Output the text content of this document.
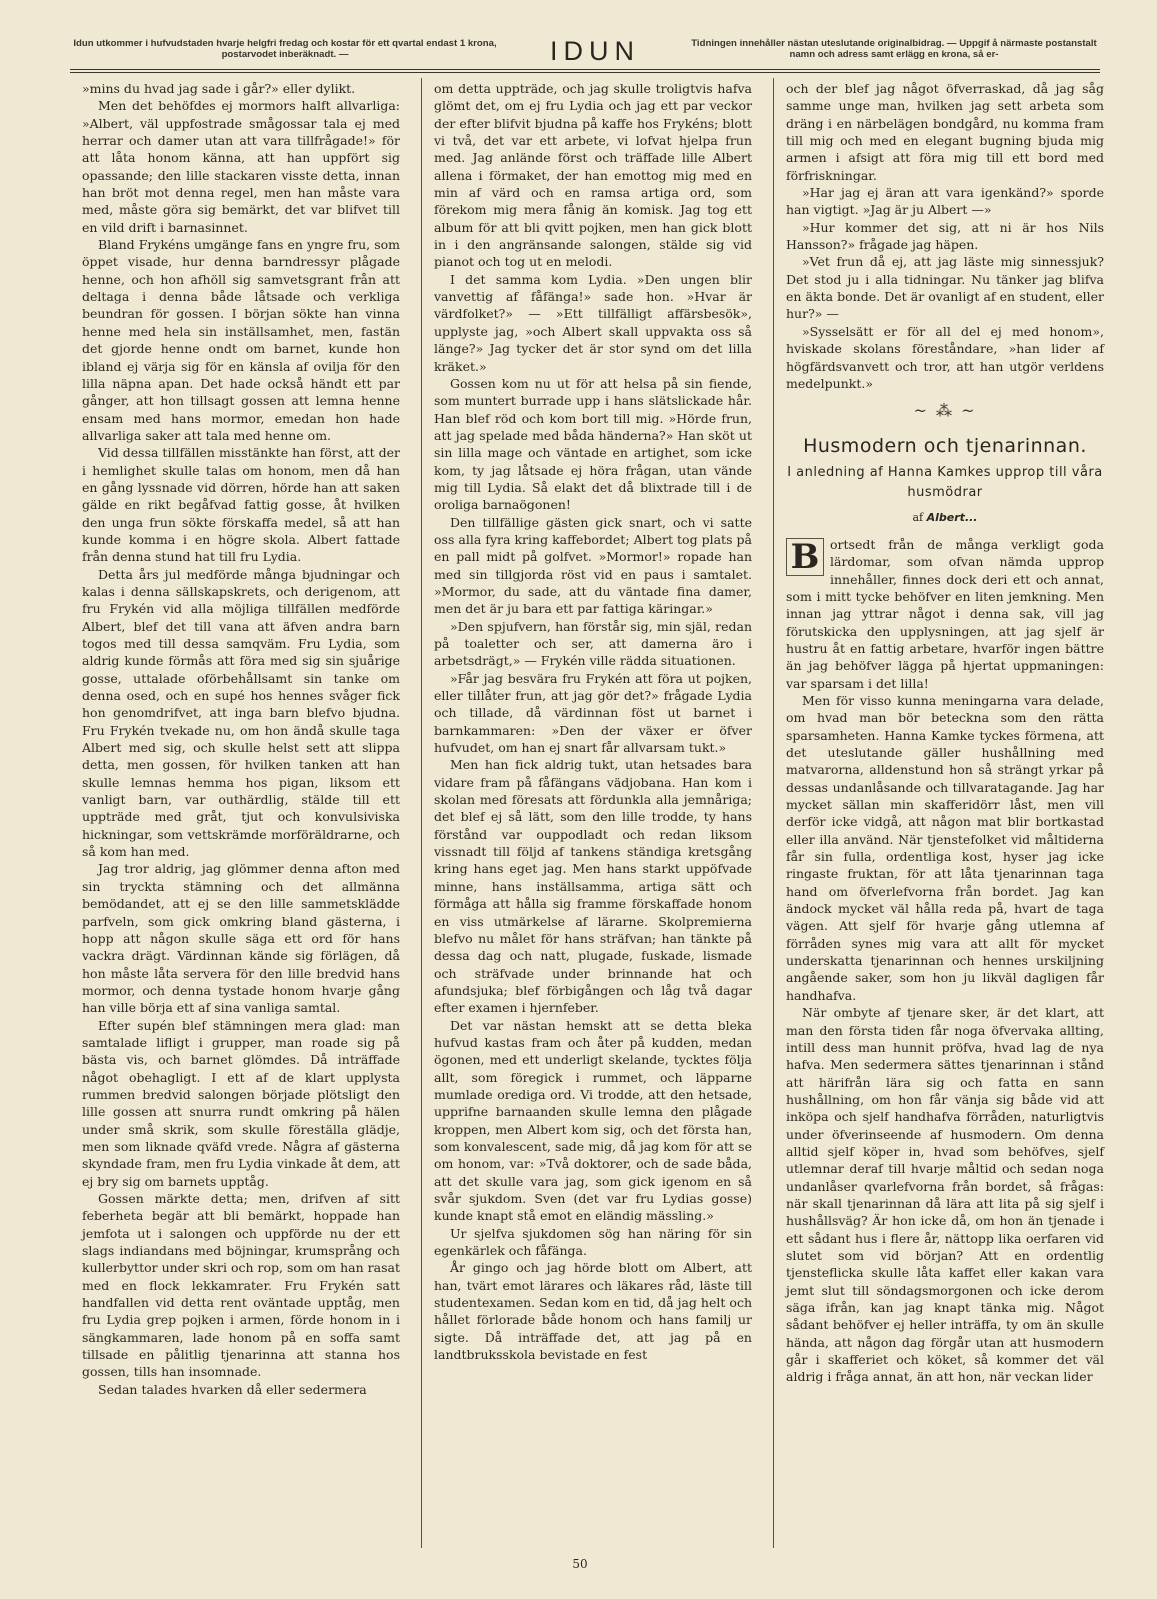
Idun utkommer i hufvudstaden hvarje helgfri fredag och kostar för ett qvartal endast 1 krona, postarvodet inberäknadt. —	IDUN	Tidningen innehåller nästan uteslutande originalbidrag. — Uppgif å närmaste postanstalt namn och adress samt erlägg en krona, så er-

»mins du hvad jag sade i går?» eller dylikt.

Men det behöfdes ej mormors halft allvarliga: »Albert, väl uppfostrade smågossar tala ej med herrar och damer utan att vara tillfrågade!» för att låta honom känna, att han uppfört sig opassande; den lille stackaren visste detta, innan han bröt mot denna regel, men han måste vara med, måste göra sig bemärkt, det var blifvet till en vild drift i barnasinnet.

Bland Frykéns umgänge fans en yngre fru, som öppet visade, hur denna barndressyr plågade henne, och hon afhöll sig samvetsgrant från att deltaga i denna både låtsade och verkliga beundran för gossen. I början sökte han vinna henne med hela sin inställsamhet, men, fastän det gjorde henne ondt om barnet, kunde hon ibland ej värja sig för en känsla af ovilja för den lilla näpna apan. Det hade också händt ett par gånger, att hon tillsagt gossen att lemna henne ensam med hans mormor, emedan hon hade allvarliga saker att tala med henne om.

Vid dessa tillfällen misstänkte han först, att der i hemlighet skulle talas om honom, men då han en gång lyssnade vid dörren, hörde han att saken gälde en rikt begåfvad fattig gosse, åt hvilken den unga frun sökte förskaffa medel, så att han kunde komma i en högre skola. Albert fattade från denna stund hat till fru Lydia.

Detta års jul medförde många bjudningar och kalas i denna sällskapskrets, och derigenom, att fru Frykén vid alla möjliga tillfällen medförde Albert, blef det till vana att äfven andra barn togos med till dessa samqväm. Fru Lydia, som aldrig kunde förmås att föra med sig sin sjuårige gosse, uttalade oförbehållsamt sin tanke om denna osed, och en supé hos hennes svåger fick hon genomdrifvet, att inga barn blefvo bjudna. Fru Frykén tvekade nu, om hon ändå skulle taga Albert med sig, och skulle helst sett att slippa detta, men gossen, för hvilken tanken att han skulle lemnas hemma hos pigan, liksom ett vanligt barn, var outhärdlig, stälde till ett uppträde med gråt, tjut och konvulsiviska hickningar, som vettskrämde morföräldrarne, och så kom han med.

Jag tror aldrig, jag glömmer denna afton med sin tryckta stämning och det allmänna bemödandet, att ej se den lille sammetsklädde parfveln, som gick omkring bland gästerna, i hopp att någon skulle säga ett ord för hans vackra drägt. Värdinnan kände sig förlägen, då hon måste låta servera för den lille bredvid hans mormor, och denna tystade honom hvarje gång han ville börja ett af sina vanliga samtal.

Efter supén blef stämningen mera glad: man samtalade lifligt i grupper, man roade sig på bästa vis, och barnet glömdes. Då inträffade något obehagligt. I ett af de klart upplysta rummen bredvid salongen började plötsligt den lille gossen att snurra rundt omkring på hälen under små skrik, som skulle föreställa glädje, men som liknade qväfd vrede. Några af gästerna skyndade fram, men fru Lydia vinkade åt dem, att ej bry sig om barnets upptåg.

Gossen märkte detta; men, drifven af sitt feberheta begär att bli bemärkt, hoppade han jemfota ut i salongen och uppförde nu der ett slags indiandans med böjningar, krumsprång och kullerbyttor under skri och rop, som om han rasat med en flock lekkamrater. Fru Frykén satt handfallen vid detta rent oväntade upptåg, men fru Lydia grep pojken i armen, förde honom in i sängkammaren, lade honom på en soffa samt tillsade en pålitlig tjenarinna att stanna hos gossen, tills han insomnade.

Sedan talades hvarken då eller sedermera

om detta uppträde, och jag skulle troligtvis hafva glömt det, om ej fru Lydia och jag ett par veckor der efter blifvit bjudna på kaffe hos Frykéns; blott vi två, det var ett arbete, vi lofvat hjelpa frun med. Jag anlände först och träffade lille Albert allena i förmaket, der han emottog mig med en min af värd och en ramsa artiga ord, som förekom mig mera fånig än komisk. Jag tog ett album för att bli qvitt pojken, men han gick blott in i den angränsande salongen, stälde sig vid pianot och tog ut en melodi.

I det samma kom Lydia. »Den ungen blir vanvettig af fåfänga!» sade hon. »Hvar är värdfolket?» — »Ett tillfälligt affärsbesök», upplyste jag, »och Albert skall uppvakta oss så länge?» Jag tycker det är stor synd om det lilla kräket.»

Gossen kom nu ut för att helsa på sin fiende, som muntert burrade upp i hans slätslickade hår. Han blef röd och kom bort till mig. »Hörde frun, att jag spelade med båda händerna?» Han sköt ut sin lilla mage och väntade en artighet, som icke kom, ty jag låtsade ej höra frågan, utan vände mig till Lydia. Så elakt det då blixtrade till i de oroliga barnaögonen!

Den tillfällige gästen gick snart, och vi satte oss alla fyra kring kaffebordet; Albert tog plats på en pall midt på golfvet. »Mormor!» ropade han med sin tillgjorda röst vid en paus i samtalet. »Mormor, du sade, att du väntade fina damer, men det är ju bara ett par fattiga käringar.»

»Den spjufvern, han förstår sig, min själ, redan på toaletter och ser, att damerna äro i arbetsdrägt,» — Frykén ville rädda situationen.

»Får jag besvära fru Frykén att föra ut pojken, eller tillåter frun, att jag gör det?» frågade Lydia och tillade, då värdinnan föst ut barnet i barnkammaren: »Den der växer er öfver hufvudet, om han ej snart får allvarsam tukt.»

Men han fick aldrig tukt, utan hetsades bara vidare fram på fåfängans vädjobana. Han kom i skolan med föresats att fördunkla alla jemnåriga; det blef ej så lätt, som den lille trodde, ty hans förstånd var ouppodladt och redan liksom vissnadt till följd af tankens ständiga kretsgång kring hans eget jag. Men hans starkt uppöfvade minne, hans inställsamma, artiga sätt och förmåga att hålla sig framme förskaffade honom en viss utmärkelse af lärarne. Skolpremierna blefvo nu målet för hans sträfvan; han tänkte på dessa dag och natt, plugade, fuskade, lismade och sträfvade under brinnande hat och afundsjuka; blef förbigången och låg två dagar efter examen i hjernfeber.

Det var nästan hemskt att se detta bleka hufvud kastas fram och åter på kudden, medan ögonen, med ett underligt skelande, tycktes följa allt, som föregick i rummet, och läpparne mumlade orediga ord. Vi trodde, att den hetsade, upprifne barnaanden skulle lemna den plågade kroppen, men Albert kom sig, och det första han, som konvalescent, sade mig, då jag kom för att se om honom, var: »Två doktorer, och de sade båda, att det skulle vara jag, som gick igenom en så svår sjukdom. Sven (det var fru Lydias gosse) kunde knapt stå emot en eländig mässling.»

Ur sjelfva sjukdomen sög han näring för sin egenkärlek och fåfänga.

År gingo och jag hörde blott om Albert, att han, tvärt emot lärares och läkares råd, läste till studentexamen. Sedan kom en tid, då jag helt och hållet förlorade både honom och hans familj ur sigte. Då inträffade det, att jag på en landtbruksskola bevistade en fest

och der blef jag något öfverraskad, då jag såg samme unge man, hvilken jag sett arbeta som dräng i en närbelägen bondgård, nu komma fram till mig och med en elegant bugning bjuda mig armen i afsigt att föra mig till ett bord med förfriskningar.

»Har jag ej äran att vara igenkänd?» sporde han vigtigt. »Jag är ju Albert —»

»Hur kommer det sig, att ni är hos Nils Hansson?» frågade jag häpen.

»Vet frun då ej, att jag läste mig sinnessjuk? Det stod ju i alla tidningar. Nu tänker jag blifva en äkta bonde. Det är ovanligt af en student, eller hur?» —

»Sysselsätt er för all del ej med honom», hviskade skolans föreståndare, »han lider af högfärdsvanvett och tror, att han utgör verldens medelpunkt.»

~ ⁂ ~
Husmodern och tjenarinnan.
I anledning af Hanna Kamkes upprop till våra husmödrar
af Albert...

B ortsedt från de många verkligt goda lärdomar, som ofvan nämda upprop innehåller, finnes dock deri ett och annat, som i mitt tycke behöfver en liten jemkning. Men innan jag yttrar något i denna sak, vill jag förutskicka den upplysningen, att jag sjelf är hustru åt en fattig arbetare, hvarför ingen bättre än jag behöfver lägga på hjertat uppmaningen: var sparsam i det lilla!

Men för visso kunna meningarna vara delade, om hvad man bör beteckna som den rätta sparsamheten. Hanna Kamke tyckes förmena, att det uteslutande gäller hushållning med matvarorna, alldenstund hon så strängt yrkar på dessas undanlåsande och tillvaratagande. Jag har mycket sällan min skafferidörr låst, men vill derför icke vidgå, att någon mat blir bortkastad eller illa använd. När tjenstefolket vid måltiderna får sin fulla, ordentliga kost, hyser jag icke ringaste fruktan, för att låta tjenarinnan taga hand om öfverlefvorna från bordet. Jag kan ändock mycket väl hålla reda på, hvart de taga vägen. Att sjelf för hvarje gång utlemna af förråden synes mig vara att allt för mycket underskatta tjenarinnan och hennes urskiljning angående saker, som hon ju likväl dagligen får handhafva.

När ombyte af tjenare sker, är det klart, att man den första tiden får noga öfvervaka allting, intill dess man hunnit pröfva, hvad lag de nya hafva. Men sedermera sättes tjenarinnan i stånd att härifrån lära sig och fatta en sann hushållning, om hon får vänja sig både vid att inköpa och sjelf handhafva förråden, naturligtvis under öfverinseende af husmodern. Om denna alltid sjelf köper in, hvad som behöfves, sjelf utlemnar deraf till hvarje måltid och sedan noga undanlåser qvarlefvorna från bordet, så frågas: när skall tjenarinnan då lära att lita på sig sjelf i hushållsväg? Är hon icke då, om hon än tjenade i ett sådant hus i flere år, nättopp lika oerfaren vid slutet som vid början? Att en ordentlig tjensteflicka skulle låta kaffet eller kakan vara jemt slut till söndagsmorgonen och icke derom säga ifrån, kan jag knapt tänka mig. Något sådant behöfver ej heller inträffa, ty om än skulle hända, att någon dag förgår utan att husmodern går i skafferiet och köket, så kommer det väl aldrig i fråga annat, än att hon, när veckan lider

50
